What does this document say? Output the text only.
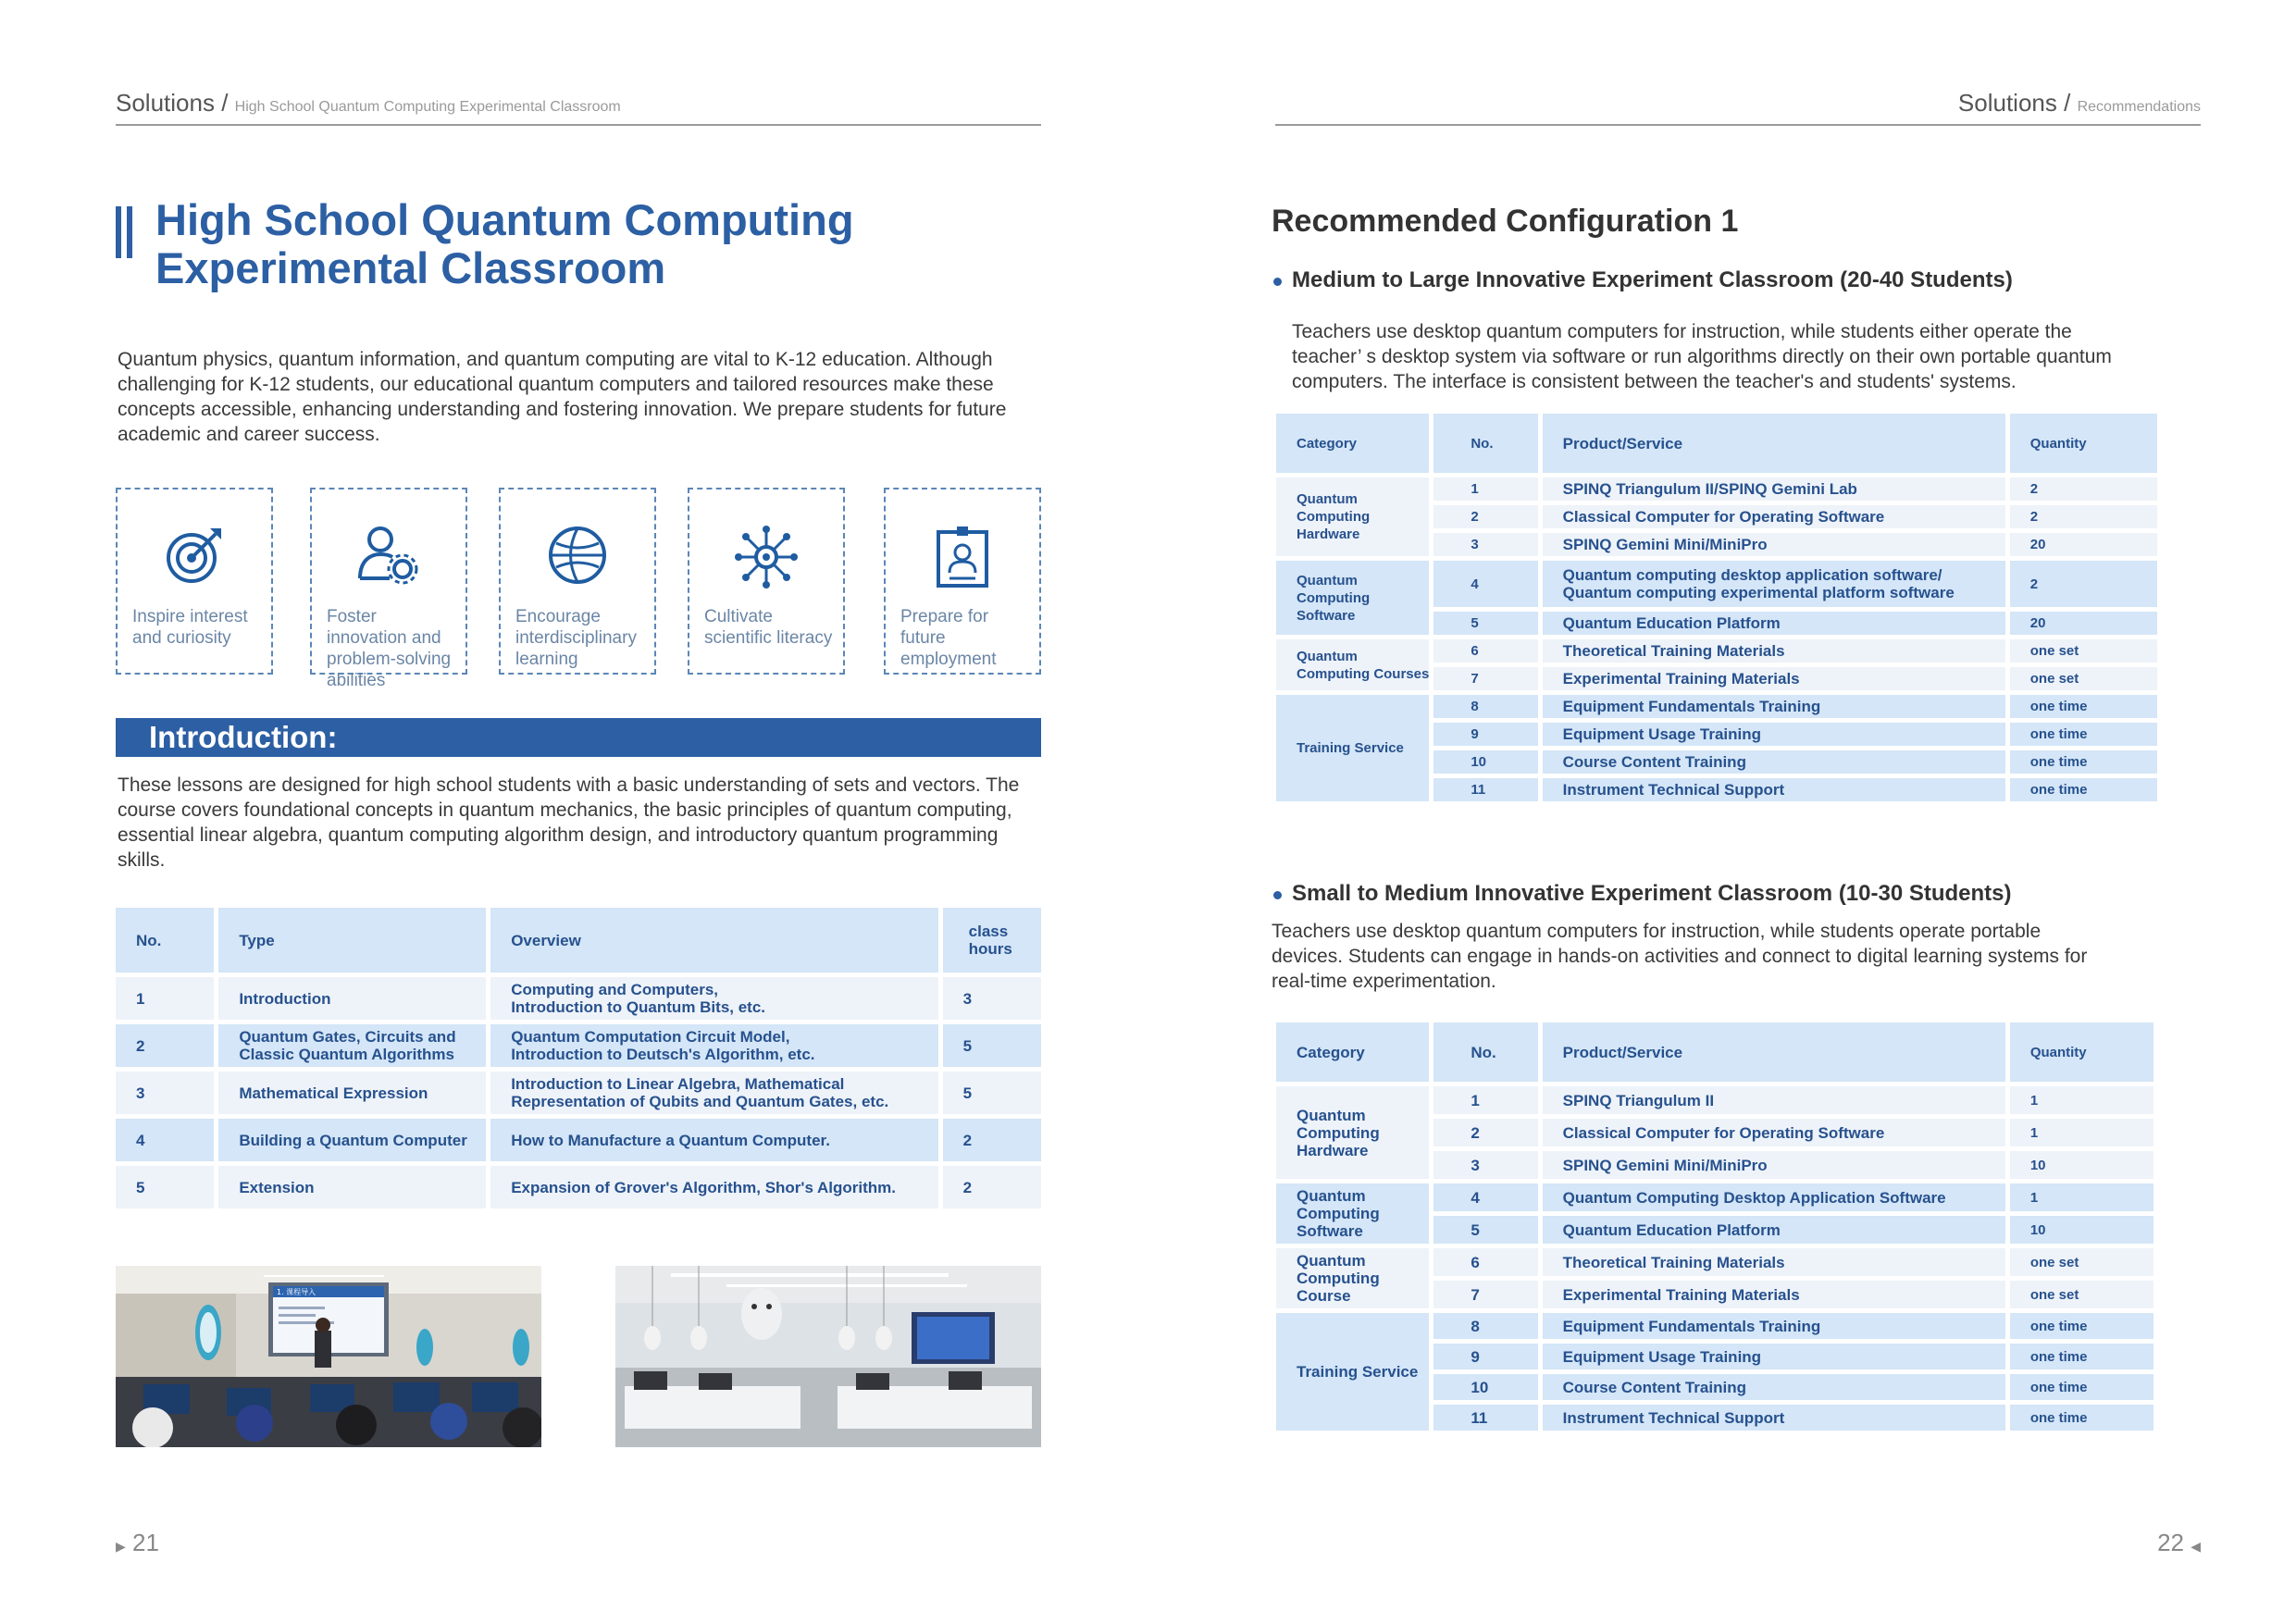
Solutions / High School Quantum Computing Experimental Classroom
High School Quantum Computing
Experimental Classroom
Quantum physics, quantum information, and quantum computing are vital to K-12 education. Although challenging for K-12 students, our educational quantum computers and tailored resources make these concepts accessible, enhancing understanding and fostering innovation. We prepare students for future academic and career success.
Inspire interest and curiosity
Foster innovation and problem-solving abilities
Encourage interdisciplinary learning
Cultivate scientific literacy
Prepare for future employment
Introduction:
These lessons are designed for high school students with a basic understanding of sets and vectors. The course covers foundational concepts in quantum mechanics, the basic principles of quantum computing, essential linear algebra, quantum computing algorithm design, and introductory quantum programming skills.
No.	Type	Overview	class hours
1	Introduction	Computing and Computers, Introduction to Quantum Bits, etc.	3
2	Quantum Gates, Circuits and Classic Quantum Algorithms	Quantum Computation Circuit Model, Introduction to Deutsch's Algorithm, etc.	5
3	Mathematical Expression	Introduction to Linear Algebra, Mathematical Representation of Qubits and Quantum Gates, etc.	5
4	Building a Quantum Computer	How to Manufacture a Quantum Computer.	2
5	Extension	Expansion of Grover's Algorithm, Shor's Algorithm.	2
1. 课程导入
▶ 21
Solutions / Recommendations
Recommended Configuration 1
Medium to Large Innovative Experiment Classroom (20-40 Students)
Teachers use desktop quantum computers for instruction, while students either operate the teacher’ s desktop system via software or run algorithms directly on their own portable quantum computers. The interface is consistent between the teacher's and students' systems.
Category	No.	Product/Service	Quantity
Quantum Computing Hardware	1	SPINQ Triangulum II/SPINQ Gemini Lab	2
	2	Classical Computer for Operating Software	2
	3	SPINQ Gemini Mini/MiniPro	20
Quantum Computing Software	4	Quantum computing desktop application software/ Quantum computing experimental platform software	2
	5	Quantum Education Platform	20
Quantum Computing Courses	6	Theoretical Training Materials	one set
	7	Experimental Training Materials	one set
Training Service	8	Equipment Fundamentals Training	one time
	9	Equipment Usage Training	one time
	10	Course Content Training	one time
	11	Instrument Technical Support	one time
Small to Medium Innovative Experiment Classroom (10-30 Students)
Teachers use desktop quantum computers for instruction, while students operate portable devices. Students can engage in hands-on activities and connect to digital learning systems for real-time experimentation.
Category	No.	Product/Service	Quantity
Quantum Computing Hardware	1	SPINQ Triangulum II	1
	2	Classical Computer for Operating Software	1
	3	SPINQ Gemini Mini/MiniPro	10
Quantum Computing Software	4	Quantum Computing Desktop Application Software	1
	5	Quantum Education Platform	10
Quantum Computing Course	6	Theoretical Training Materials	one set
	7	Experimental Training Materials	one set
Training Service	8	Equipment Fundamentals Training	one time
	9	Equipment Usage Training	one time
	10	Course Content Training	one time
	11	Instrument Technical Support	one time
22 ◀
